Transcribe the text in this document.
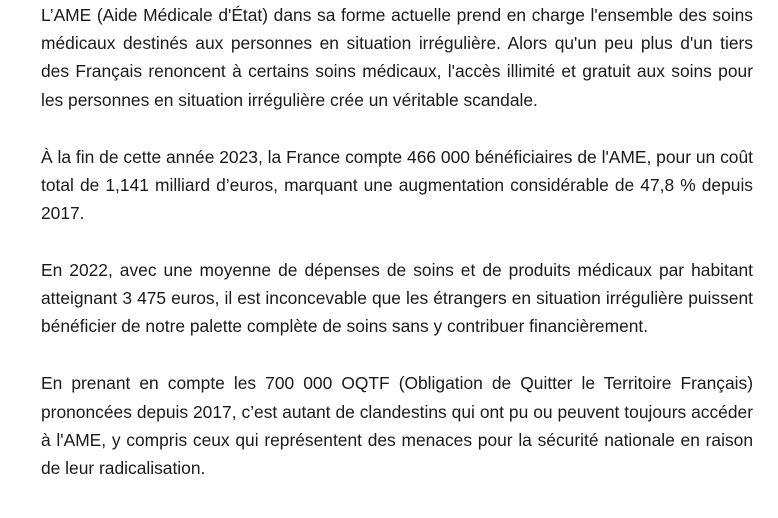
L’AME (Aide Médicale d'État) dans sa forme actuelle prend en charge l'ensemble des soins médicaux destinés aux personnes en situation irrégulière. Alors qu'un peu plus d'un tiers des Français renoncent à certains soins médicaux, l'accès illimité et gratuit aux soins pour les personnes en situation irrégulière crée un véritable scandale.

À la fin de cette année 2023, la France compte 466 000 bénéficiaires de l'AME, pour un coût total de 1,141 milliard d’euros, marquant une augmentation considérable de 47,8 % depuis 2017.

En 2022, avec une moyenne de dépenses de soins et de produits médicaux par habitant atteignant 3 475 euros, il est inconcevable que les étrangers en situation irrégulière puissent bénéficier de notre palette complète de soins sans y contribuer financièrement.

En prenant en compte les 700 000 OQTF (Obligation de Quitter le Territoire Français) prononcées depuis 2017, c’est autant de clandestins qui ont pu ou peuvent toujours accéder à l'AME, y compris ceux qui représentent des menaces pour la sécurité nationale en raison de leur radicalisation.
